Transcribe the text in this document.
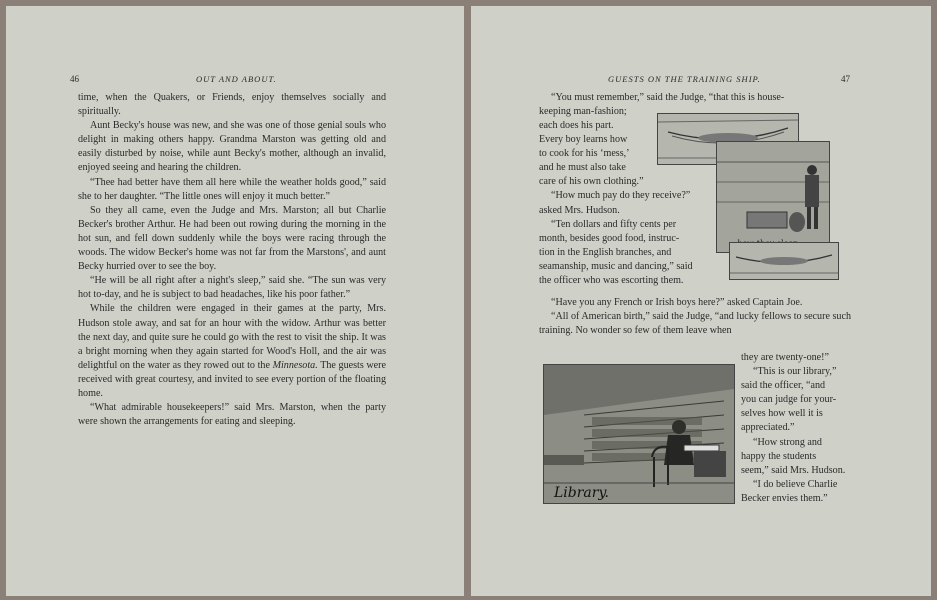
46	OUT AND ABOUT.

time, when the Quakers, or Friends, enjoy themselves socially and spiritually.

Aunt Becky's house was new, and she was one of those genial souls who delight in making others happy. Grandma Marston was getting old and easily disturbed by noise, while aunt Becky's mother, although an invalid, enjoyed seeing and hearing the children.

“Thee had better have them all here while the weather holds good,” said she to her daughter. “The little ones will enjoy it much better.”

So they all came, even the Judge and Mrs. Marston; all but Charlie Becker's brother Arthur. He had been out rowing during the morning in the hot sun, and fell down suddenly while the boys were racing through the woods. The widow Becker's home was not far from the Marstons', and aunt Becky hurried over to see the boy.

“He will be all right after a night's sleep,” said she. “The sun was very hot to-day, and he is subject to bad headaches, like his poor father.”

While the children were engaged in their games at the party, Mrs. Hudson stole away, and sat for an hour with the widow. Arthur was better the next day, and quite sure he could go with the rest to visit the ship. It was a bright morning when they again started for Wood's Holl, and the air was delightful on the water as they rowed out to the Minnesota. The guests were received with great courtesy, and invited to see every portion of the floating home.

“What admirable housekeepers!” said Mrs. Marston, when the party were shown the arrangements for eating and sleeping.

GUESTS ON THE TRAINING SHIP.	47

“You must remember,” said the Judge, “that this is house-

keeping man-fashion;

each does his part.

Every boy learns how

to cook for his ‘mess,’

and he must also take

care of his own clothing.”

“How much pay do they receive?”

asked Mrs. Hudson.

“Ten dollars and fifty cents per

month, besides good food, instruc-

tion in the English branches, and

seamanship, music and dancing,” said

the officer who was escorting them.

“Have you any French or Irish boys here?” asked Captain Joe.

“All of American birth,” said the Judge, “and lucky fellows to secure such training. No wonder so few of them leave when

Library.

they are twenty-one!”

“This is our library,”

said the officer, “and

you can judge for your-

selves how well it is

appreciated.”

“How strong and

happy the students

seem,” said Mrs. Hudson.

“I do believe Charlie

Becker envies them.”
